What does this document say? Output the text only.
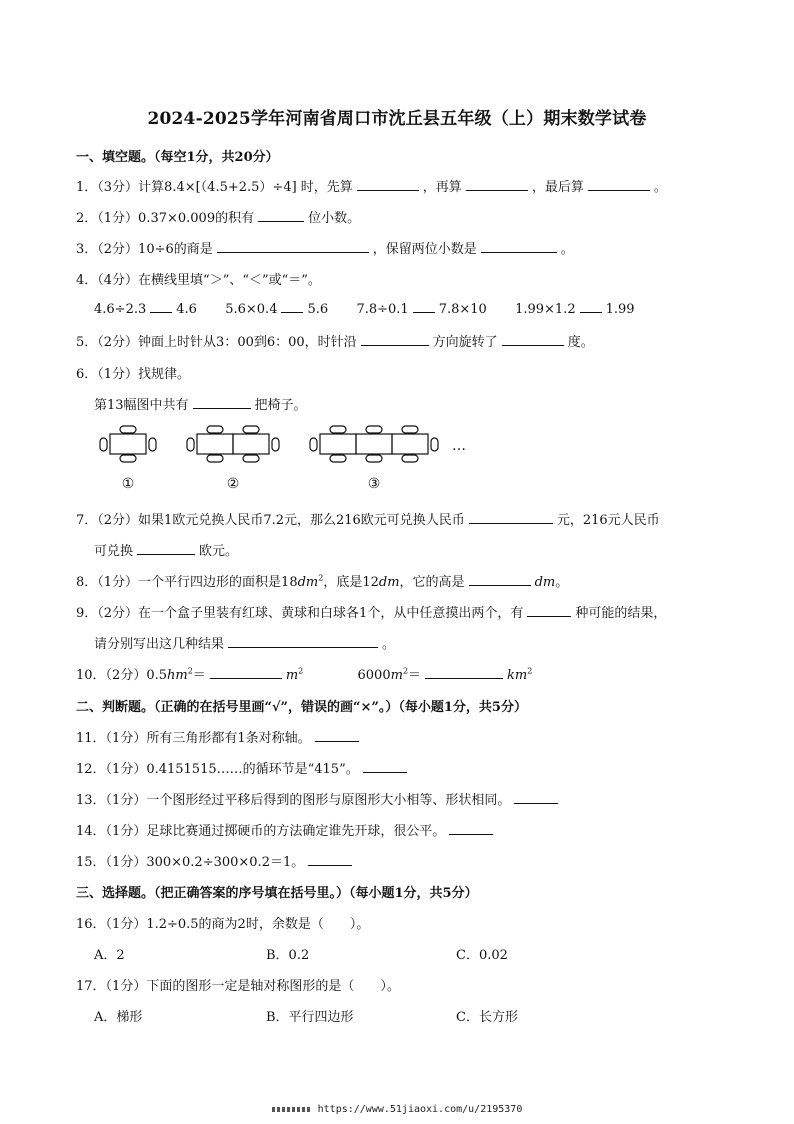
2024-2025学年河南省周口市沈丘县五年级（上）期末数学试卷
一、填空题。（每空1分，共20分）
1．（3分）计算8.4×[（4.5+2.5）÷4] 时，先算	，再算	，最后算	。
2．（1分）0.37×0.009的积有	位小数。
3．（2分）10÷6的商是	，保留两位小数是	。
4．（4分）在横线里填“＞”、“＜”或“＝”。
4.6÷2.3 4.6 5.6×0.4 5.6 7.8÷0.1 7.8×10 1.99×1.2 1.99
5．（2分）钟面上时针从3：00到6：00，时针沿	方向旋转了	度。
6．（1分）找规律。
第13幅图中共有	把椅子。
①	②	③
…
7．（2分）如果1欧元兑换人民币7.2元，那么216欧元可兑换人民币	元，216元人民币
可兑换	欧元。
8．（1分）一个平行四边形的面积是$18dm^2$，底是12dm，它的高是	dm。
9．（2分）在一个盒子里装有红球、黄球和白球各1个，从中任意摸出两个，有	种可能的结果，
请分别写出这几种结果	。
10．（2分）$0.5hm^2=$	$m^2$	$6000m^2=$	$km^2$
二、判断题。（正确的在括号里画“√”，错误的画“×”。）（每小题1分，共5分）
11．（1分）所有三角形都有1条对称轴。
12．（1分）0.4151515……的循环节是“415”。
13．（1分）一个图形经过平移后得到的图形与原图形大小相等、形状相同。
14．（1分）足球比赛通过掷硬币的方法确定谁先开球，很公平。
15．（1分）300×0.2÷300×0.2＝1。
三、选择题。（把正确答案的序号填在括号里。）（每小题1分，共5分）
16．（1分）1.2÷0.5的商为2时，余数是（　　）。
A．2	B．0.2	C．0.02
17．（1分）下面的图形一定是轴对称图形的是（　　）。
A．梯形	B．平行四边形	C．长方形
https://www.51jiaoxi.com/u/2195370
